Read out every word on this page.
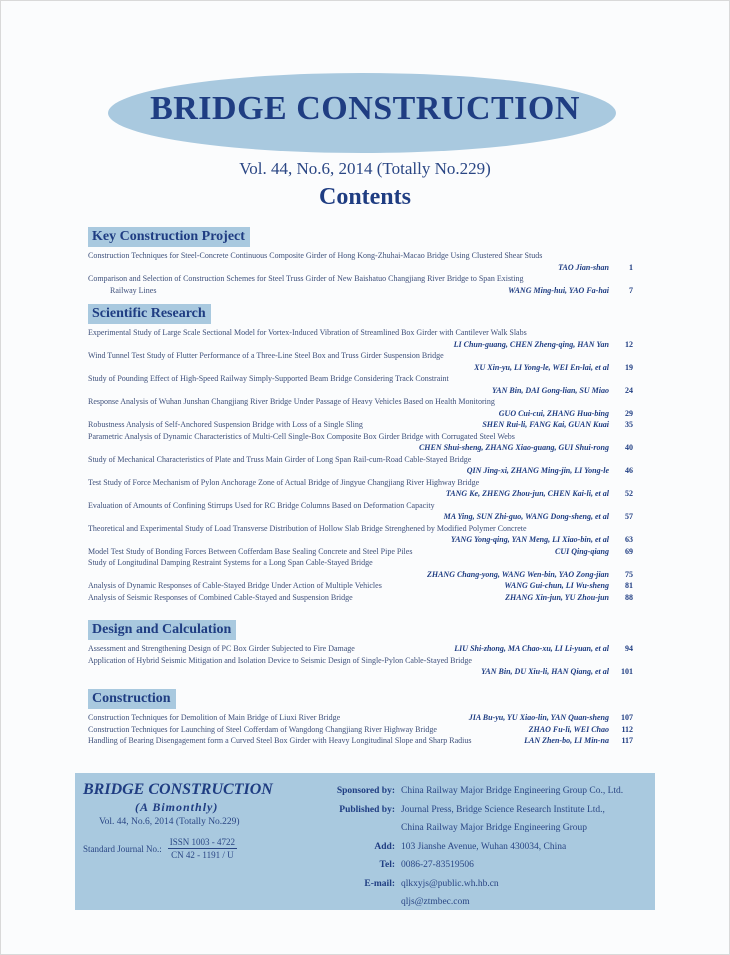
BRIDGE CONSTRUCTION
Vol. 44, No.6, 2014 (Totally No.229)
Contents
Key Construction Project
Construction Techniques for Steel-Concrete Continuous Composite Girder of Hong Kong-Zhuhai-Macao Bridge Using Clustered Shear Studs
TAO Jian-shan	1
Comparison and Selection of Construction Schemes for Steel Truss Girder of New Baishatuo Changjiang River Bridge to Span Existing
Railway Lines	WANG Ming-hui, YAO Fa-hai	7
Scientific Research
Experimental Study of Large Scale Sectional Model for Vortex-Induced Vibration of Streamlined Box Girder with Cantilever Walk Slabs
LI Chun-guang, CHEN Zheng-qing, HAN Yan	12
Wind Tunnel Test Study of Flutter Performance of a Three-Line Steel Box and Truss Girder Suspension Bridge
XU Xin-yu, LI Yong-le, WEI En-lai, et al	19
Study of Pounding Effect of High-Speed Railway Simply-Supported Beam Bridge Considering Track Constraint
YAN Bin, DAI Gong-lian, SU Miao	24
Response Analysis of Wuhan Junshan Changjiang River Bridge Under Passage of Heavy Vehicles Based on Health Monitoring
GUO Cui-cui, ZHANG Hua-bing	29
Robustness Analysis of Self-Anchored Suspension Bridge with Loss of a Single Sling	SHEN Rui-li, FANG Kai, GUAN Kuai	35
Parametric Analysis of Dynamic Characteristics of Multi-Cell Single-Box Composite Box Girder Bridge with Corrugated Steel Webs
CHEN Shui-sheng, ZHANG Xiao-guang, GUI Shui-rong	40
Study of Mechanical Characteristics of Plate and Truss Main Girder of Long Span Rail-cum-Road Cable-Stayed Bridge
QIN Jing-xi, ZHANG Ming-jin, LI Yong-le	46
Test Study of Force Mechanism of Pylon Anchorage Zone of Actual Bridge of Jingyue Changjiang River Highway Bridge
TANG Ke, ZHENG Zhou-jun, CHEN Kai-li, et al	52
Evaluation of Amounts of Confining Stirrups Used for RC Bridge Columns Based on Deformation Capacity
MA Ying, SUN Zhi-guo, WANG Dong-sheng, et al	57
Theoretical and Experimental Study of Load Transverse Distribution of Hollow Slab Bridge Strenghened by Modified Polymer Concrete
YANG Yong-qing, YAN Meng, LI Xiao-bin, et al	63
Model Test Study of Bonding Forces Between Cofferdam Base Sealing Concrete and Steel Pipe Piles	CUI Qing-qiang	69
Study of Longitudinal Damping Restraint Systems for a Long Span Cable-Stayed Bridge
ZHANG Chang-yong, WANG Wen-bin, YAO Zong-jian	75
Analysis of Dynamic Responses of Cable-Stayed Bridge Under Action of Multiple Vehicles	WANG Gui-chun, LI Wu-sheng	81
Analysis of Seismic Responses of Combined Cable-Stayed and Suspension Bridge	ZHANG Xin-jun, YU Zhou-jun	88
Design and Calculation
Assessment and Strengthening Design of PC Box Girder Subjected to Fire Damage	LIU Shi-zhong, MA Chao-xu, LI Li-yuan, et al	94
Application of Hybrid Seismic Mitigation and Isolation Device to Seismic Design of Single-Pylon Cable-Stayed Bridge
YAN Bin, DU Xiu-li, HAN Qiang, et al	101
Construction
Construction Techniques for Demolition of Main Bridge of Liuxi River Bridge	JIA Bu-yu, YU Xiao-lin, YAN Quan-sheng	107
Construction Techniques for Launching of Steel Cofferdam of Wangdong Changjiang River Highway Bridge	ZHAO Fu-li, WEI Chao	112
Handling of Bearing Disengagement form a Curved Steel Box Girder with Heavy Longitudinal Slope and Sharp Radius	LAN Zhen-bo, LI Min-na	117
BRIDGE CONSTRUCTION
(A Bimonthly)
Vol. 44, No.6, 2014 (Totally No.229)
Standard Journal No.: $\frac{\text{ISSN 1003 - 4722}}{CN 42 - 1191 / U}$
Sponsored by: China Railway Major Bridge Engineering Group Co., Ltd.
Published by: Journal Press, Bridge Science Research Institute Ltd.,
China Railway Major Bridge Engineering Group
Add: 103 Jianshe Avenue, Wuhan 430034, China
Tel: 0086-27-83519506
E-mail: qlkxyjs@public.wh.hb.cn
qljs@ztmbec.com
